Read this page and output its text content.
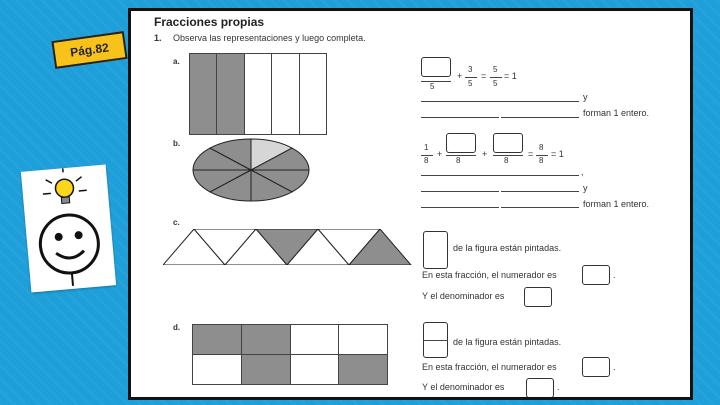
Pág.82
Fracciones propias
1. Observa las representaciones y luego completa.
a.
5
+
3
5
=
5
5
= 1
y
forman 1 entero.
b.	1
8
+
8
+
8
=
8
8
= 1
,
y
forman 1 entero.
c.
de la figura están pintadas.
En esta fracción, el numerador es	.
Y el denominador es
d.
de la figura están pintadas.
En esta fracción, el numerador es	.
Y el denominador es	.
